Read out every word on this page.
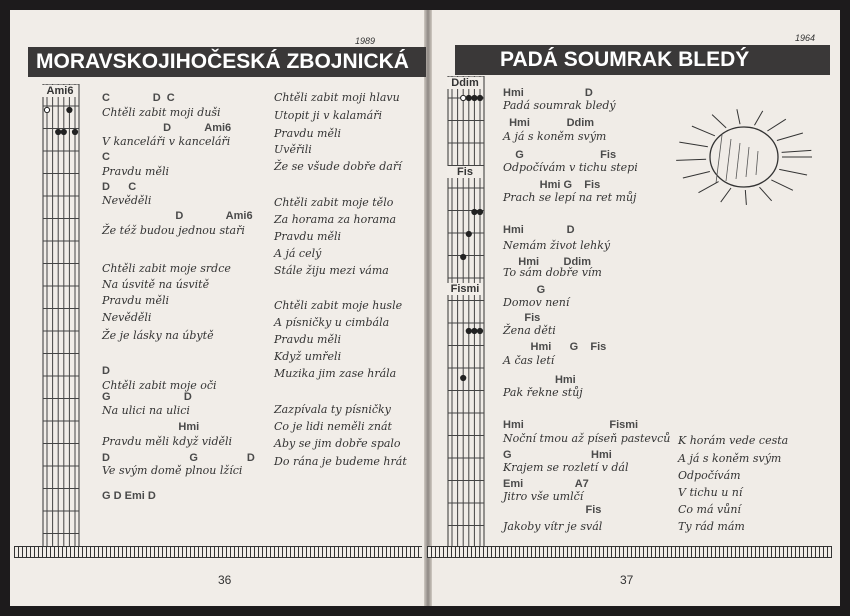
1989
MORAVSKOJIHOČESKÁ ZBOJNICKÁ
1964
PADÁ SOUMRAK BLEDÝ
Ami6
Ddim
Fis
Fismi
C              D  C
Chtěli zabit moji duši
D           Ami6
V kanceláři v kanceláři
C
Pravdu měli
D      C
Nevěděli
D              Ami6
Že též budou jednou staři
Chtěli zabit moje srdce
Na úsvitě na úsvitě
Pravdu měli
Nevěděli
Že je lásky na úbytě
D
Chtěli zabit moje oči
G                        D
Na ulici na ulici
Hmi
Pravdu měli když viděli
D                          G                D
Ve svým domě plnou lžíci
G D Emi D
Chtěli zabit moji hlavu
Utopit ji v kalamáři
Pravdu měli
Uvěřili
Že se všude dobře daří
Chtěli zabit moje tělo
Za horama za horama
Pravdu měli
A já celý
Stále žiju mezi váma
Chtěli zabit moje husle
A písničky u cimbála
Pravdu měli
Když umřeli
Muzika jim zase hrála
Zazpívala ty písničky
Co je lidi neměli znát
Aby se jim dobře spalo
Do rána je budeme hrát
Hmi                    D
Padá soumrak bledý
Hmi            Ddim
A já s koněm svým
G                         Fis
Odpočívám v tichu stepi
Hmi G    Fis
Prach se lepí na ret můj
Hmi              D
Nemám život lehký
Hmi        Ddim
To sám dobře vím
G
Domov není
Fis
Žena děti
Hmi      G    Fis
A čas letí
Hmi
Pak řekne stůj
Hmi                            Fismi
Noční tmou až píseň pastevců
G                          Hmi
Krajem se rozletí v dál
Emi                 A7
Jitro vše umlčí
Fis
Jakoby vítr je svál
K horám vede cesta
A já s koněm svým
Odpočívám
V tichu u ní
Co má vůní
Ty rád mám
36	37
